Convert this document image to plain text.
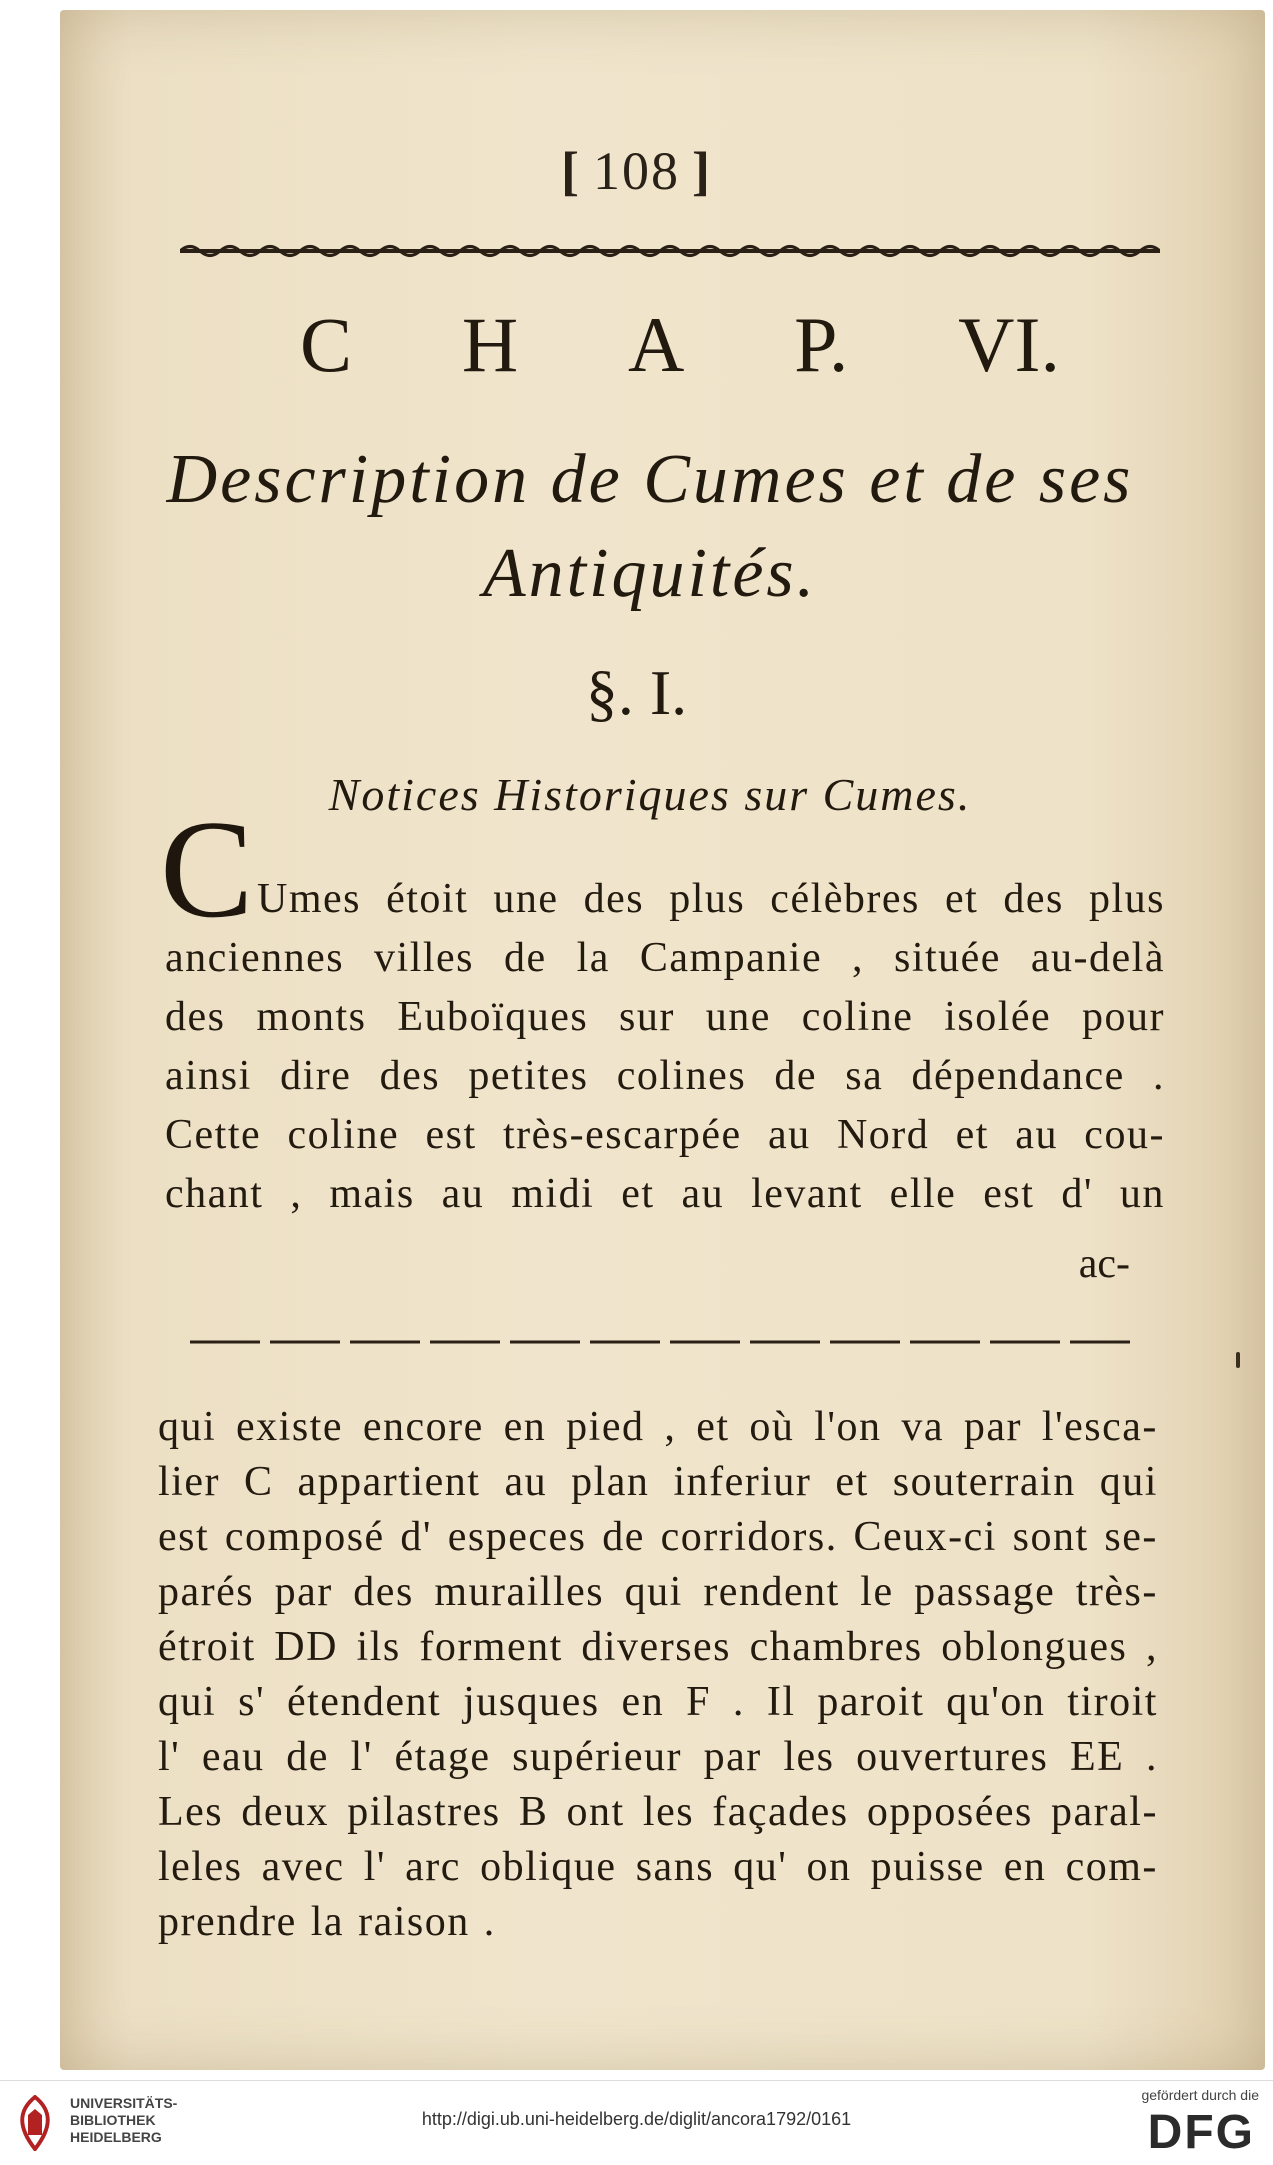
[ 108 ]
C H A P. VI.
Description de Cumes et de ses
Antiquités.
§. I.
Notices Historiques sur Cumes.
C Umes étoit une des plus célèbres et des plus
anciennes villes de la Campanie , située au-delà
des monts Euboïques sur une coline isolée pour
ainsi dire des petites colines de sa dépendance .
Cette coline est très-escarpée au Nord et au cou-
chant , mais au midi et au levant elle est d' un
ac-
qui existe encore en pied , et où l'on va par l'esca-
lier C appartient au plan inferiur et souterrain qui
est composé d' especes de corridors. Ceux-ci sont se-
parés par des murailles qui rendent le passage très-
étroit DD ils forment diverses chambres oblongues ,
qui s' étendent jusques en F . Il paroit qu'on tiroit
l' eau de l' étage supérieur par les ouvertures EE .
Les deux pilastres B ont les façades opposées paral-
leles avec l' arc oblique sans qu' on puisse en com-
prendre la raison .
UNIVERSITÄTS-
BIBLIOTHEK
HEIDELBERG
http://digi.ub.uni-heidelberg.de/diglit/ancora1792/0161
gefördert durch die
DFG
